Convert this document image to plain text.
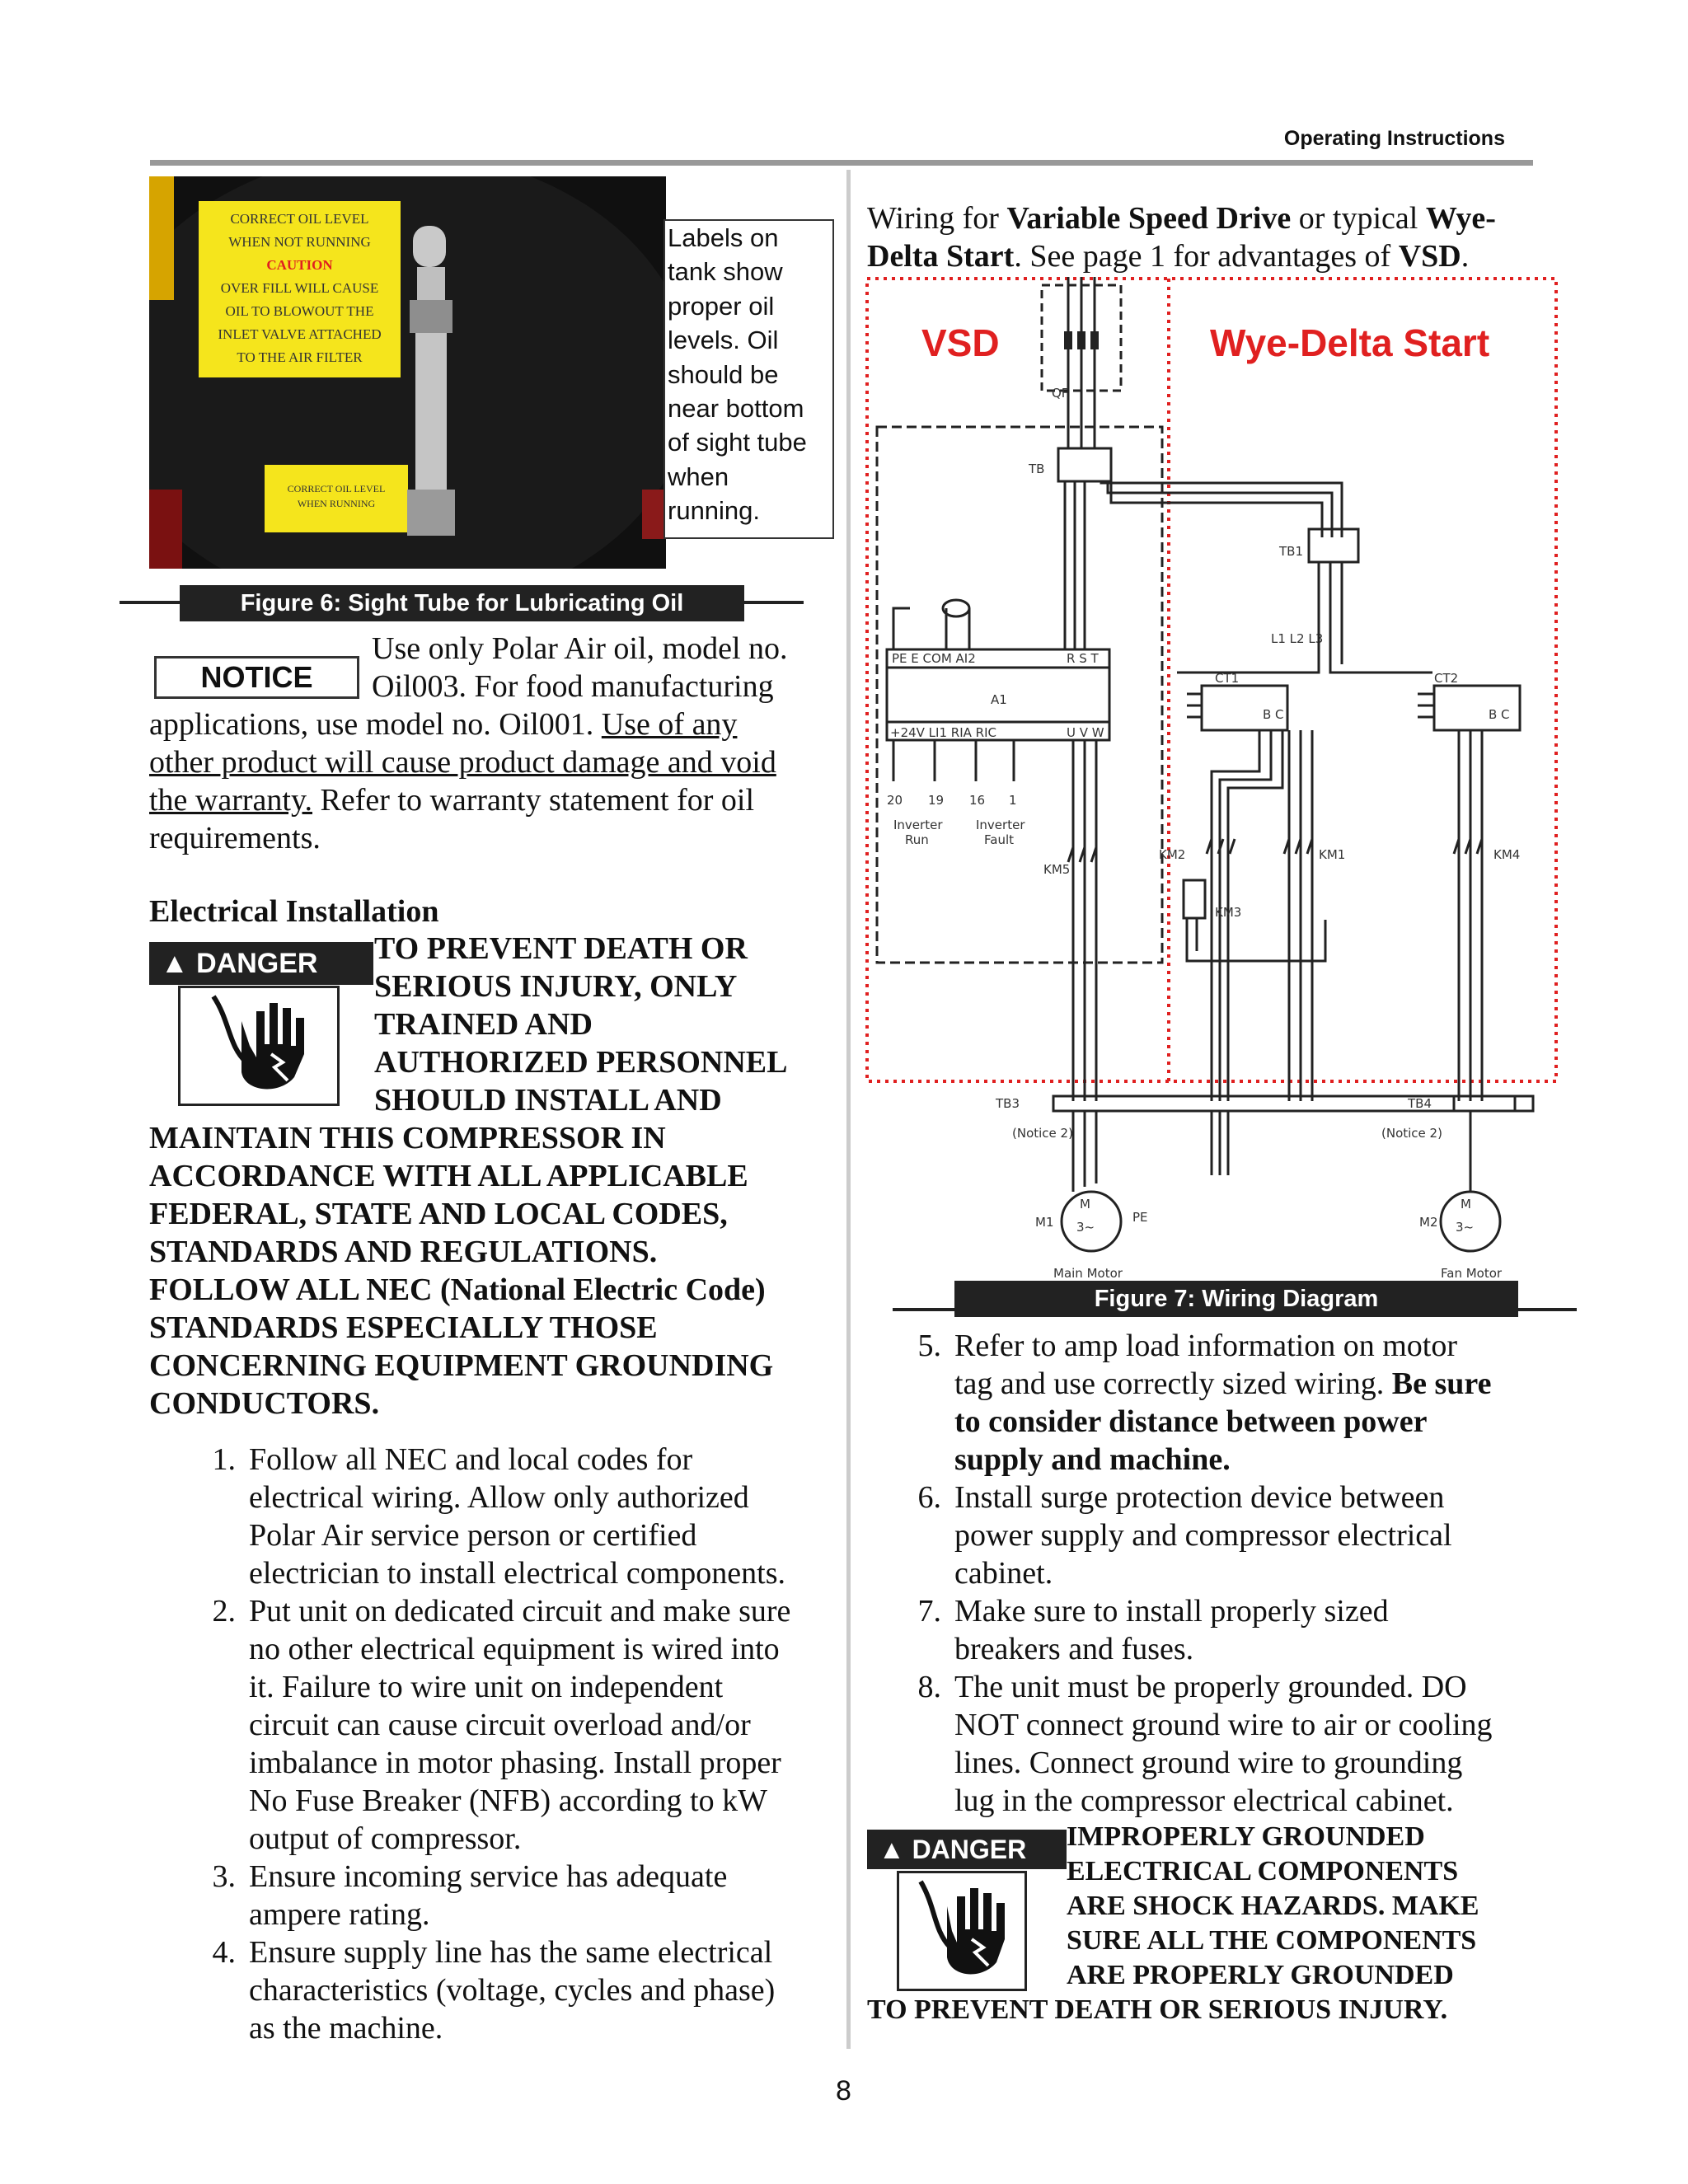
Operating Instructions
CORRECT OIL LEVEL
WHEN NOT RUNNING
CAUTION
OVER FILL WILL CAUSE
OIL TO BLOWOUT THE
INLET VALVE ATTACHED
TO THE AIR FILTER
CORRECT OIL LEVEL
WHEN RUNNING
Labels on
tank show
proper oil
levels. Oil
should be
near bottom
of sight tube
when
running.
Figure 6: Sight Tube for Lubricating Oil
NOTICE
Use only Polar Air oil, model no.
Oil003. For food manufacturing
applications, use model no. Oil001. Use of any
other product will cause product damage and void
the warranty. Refer to warranty statement for oil
requirements.
Electrical Installation
▲ DANGER	TO PREVENT DEATH OR
SERIOUS INJURY, ONLY
TRAINED AND
AUTHORIZED PERSONNEL
SHOULD INSTALL AND
MAINTAIN THIS COMPRESSOR IN
ACCORDANCE WITH ALL APPLICABLE
FEDERAL, STATE AND LOCAL CODES,
STANDARDS AND REGULATIONS.
FOLLOW ALL NEC (National Electric Code)
STANDARDS ESPECIALLY THOSE
CONCERNING EQUIPMENT GROUNDING
CONDUCTORS.
1. Follow all NEC and local codes for
electrical wiring. Allow only authorized
Polar Air service person or certified
electrician to install electrical components.
2. Put unit on dedicated circuit and make sure
no other electrical equipment is wired into
it. Failure to wire unit on independent
circuit can cause circuit overload and/or
imbalance in motor phasing. Install proper
No Fuse Breaker (NFB) according to kW
output of compressor.
3. Ensure incoming service has adequate
ampere rating.
4. Ensure supply line has the same electrical
characteristics (voltage, cycles and phase)
as the machine.
Wiring for Variable Speed Drive or typical Wye-
Delta Start. See page 1 for advantages of VSD.
VSD	Wye-Delta Start
QF
TB
TB1
L1 L2 L3
PE E COM AI2	R S T
A1
+24V LI1 RIA RIC	U V W
20 19 16 1
Inverter
Run
Inverter
Fault
KM5
CT1
B C
CT2
B C
KM2	KM1
KM3
KM4
TB3	TB4
(Notice 2)	(Notice 2)
M
3~
PE
M1
Main Motor
M
3~
M2
Fan Motor
Figure 7: Wiring Diagram
5. Refer to amp load information on motor
tag and use correctly sized wiring. Be sure
to consider distance between power
supply and machine.
6. Install surge protection device between
power supply and compressor electrical
cabinet.
7. Make sure to install properly sized
breakers and fuses.
8. The unit must be properly grounded. DO
NOT connect ground wire to air or cooling
lines. Connect ground wire to grounding
lug in the compressor electrical cabinet.
▲ DANGER	IMPROPERLY GROUNDED
ELECTRICAL COMPONENTS
ARE SHOCK HAZARDS. MAKE
SURE ALL THE COMPONENTS
ARE PROPERLY GROUNDED
TO PREVENT DEATH OR SERIOUS INJURY.
8
